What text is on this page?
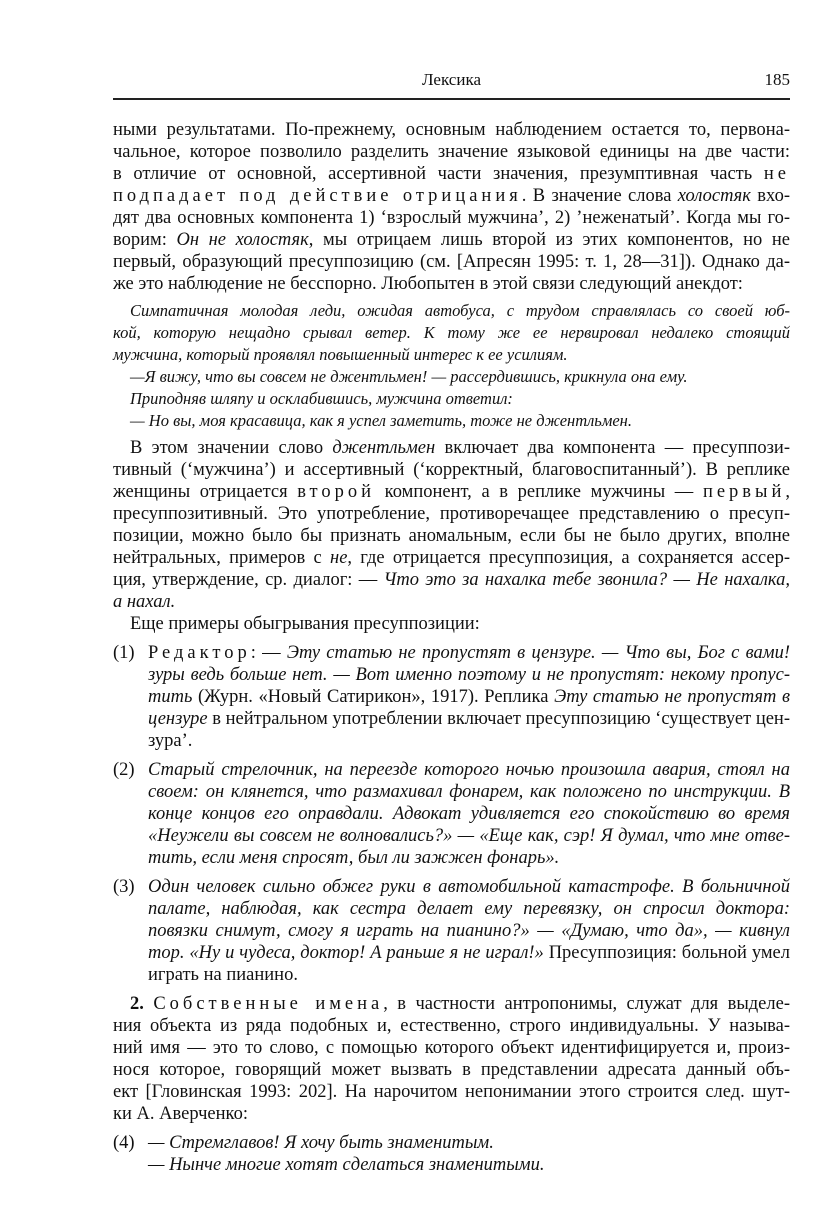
Лексика	185
ными результатами. По-прежнему, основным наблюдением остается то, первона-
чальное, которое позволило разделить значение языковой единицы на две части:
в отличие от основной, ассертивной части значения, презумптивная часть не
подпадает под действие отрицания. В значение слова холостяк вхо-
дят два основных компонента 1) ‘взрослый мужчина’, 2) ’неженатый’. Когда мы го-
ворим: Он не холостяк, мы отрицаем лишь второй из этих компонентов, но не
первый, образующий пресуппозицию (см. [Апресян 1995: т. 1, 28—31]). Однако да-
же это наблюдение не бесспорно. Любопытен в этой связи следующий анекдот:
Симпатичная молодая леди, ожидая автобуса, с трудом справлялась со своей юб-
кой, которую нещадно срывал ветер. К тому же ее нервировал недалеко стоящий
мужчина, который проявлял повышенный интерес к ее усилиям.
—Я вижу, что вы совсем не джентльмен! — рассердившись, крикнула она ему.
Приподняв шляпу и осклабившись, мужчина ответил:
— Но вы, моя красавица, как я успел заметить, тоже не джентльмен.
В этом значении слово джентльмен включает два компонента — пресуппози-
тивный (‘мужчина’) и ассертивный (‘корректный, благовоспитанный’). В реплике
женщины отрицается второй компонент, а в реплике мужчины — первый,
пресуппозитивный. Это употребление, противоречащее представлению о пресуп-
позиции, можно было бы признать аномальным, если бы не было других, вполне
нейтральных, примеров с не, где отрицается пресуппозиция, а сохраняется ассер-
ция, утверждение, ср. диалог: — Что это за нахалка тебе звонила? — Не нахалка,
а нахал.
Еще примеры обыгрывания пресуппозиции:
(1) Редактор: — Эту статью не пропустят в цензуре. — Что вы, Бог с вами!
зуры ведь больше нет. — Вот именно поэтому и не пропустят: некому пропус-
тить (Журн. «Новый Сатирикон», 1917). Реплика Эту статью не пропустят в
цензуре в нейтральном употреблении включает пресуппозицию ‘существует цен-
зура’.
(2) Старый стрелочник, на переезде которого ночью произошла авария, стоял на
своем: он клянется, что размахивал фонарем, как положено по инструкции. В
конце концов его оправдали. Адвокат удивляется его спокойствию во время
«Неужели вы совсем не волновались?» — «Еще как, сэр! Я думал, что мне отве-
тить, если меня спросят, был ли зажжен фонарь».
(3) Один человек сильно обжег руки в автомобильной катастрофе. В больничной
палате, наблюдая, как сестра делает ему перевязку, он спросил доктора:
повязки снимут, смогу я играть на пианино?» — «Думаю, что да», — кивнул
тор. «Ну и чудеса, доктор! А раньше я не играл!» Пресуппозиция: больной умел
играть на пианино.
2. Собственные имена, в частности антропонимы, служат для выделе-
ния объекта из ряда подобных и, естественно, строго индивидуальны. У называ-
ний имя — это то слово, с помощью которого объект идентифицируется и, произ-
нося которое, говорящий может вызвать в представлении адресата данный объ-
ект [Гловинская 1993: 202]. На нарочитом непонимании этого строится след. шут-
ки А. Аверченко:
(4) — Стремглавов! Я хочу быть знаменитым.
— Нынче многие хотят сделаться знаменитыми.
